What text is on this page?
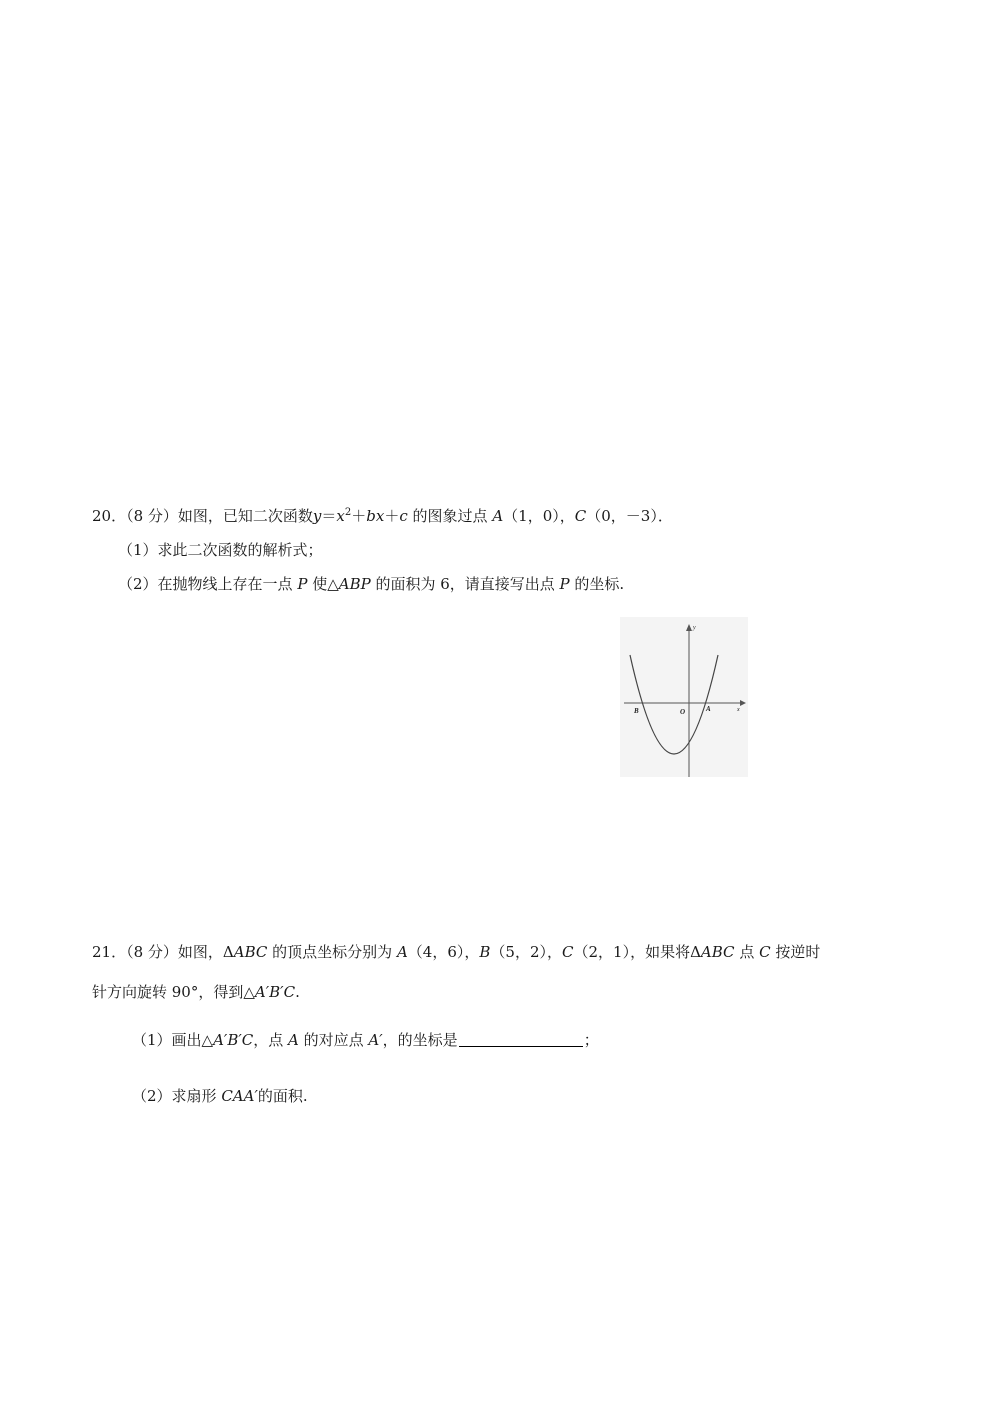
20．（8 分）如图，已知二次函数$y=x^2+bx+c$ 的图象过点 A（1，0），C（0，－3）．
（1）求此二次函数的解析式；
（2）在抛物线上存在一点 P 使△ABP 的面积为 6，请直接写出点 P 的坐标.
B	O	A	x
y
21．（8 分）如图，ΔABC 的顶点坐标分别为 A（4，6），B（5，2），C（2，1），如果将ΔABC 点 C 按逆时
针方向旋转 90°，得到△A′B′C.
（1）画出△A′B′C，点 A 的对应点 A′，的坐标是	；
（2）求扇形 CAA′的面积.
